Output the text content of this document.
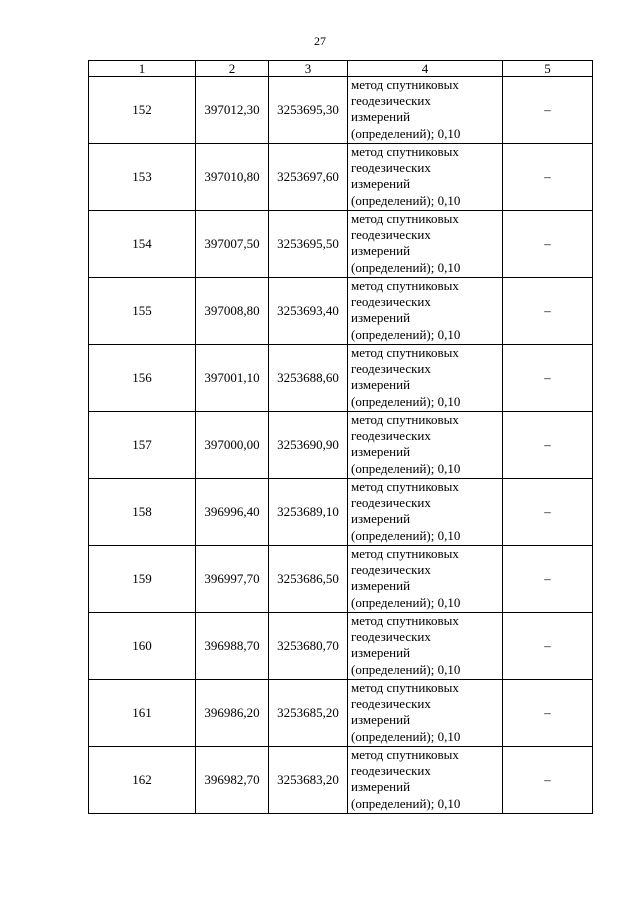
27
1	2	3	4	5
152	397012,30	3253695,30	метод спутниковых
геодезических
измерений
(определений); 0,10	–
153	397010,80	3253697,60	метод спутниковых
геодезических
измерений
(определений); 0,10	–
154	397007,50	3253695,50	метод спутниковых
геодезических
измерений
(определений); 0,10	–
155	397008,80	3253693,40	метод спутниковых
геодезических
измерений
(определений); 0,10	–
156	397001,10	3253688,60	метод спутниковых
геодезических
измерений
(определений); 0,10	–
157	397000,00	3253690,90	метод спутниковых
геодезических
измерений
(определений); 0,10	–
158	396996,40	3253689,10	метод спутниковых
геодезических
измерений
(определений); 0,10	–
159	396997,70	3253686,50	метод спутниковых
геодезических
измерений
(определений); 0,10	–
160	396988,70	3253680,70	метод спутниковых
геодезических
измерений
(определений); 0,10	–
161	396986,20	3253685,20	метод спутниковых
геодезических
измерений
(определений); 0,10	–
162	396982,70	3253683,20	метод спутниковых
геодезических
измерений
(определений); 0,10	–
